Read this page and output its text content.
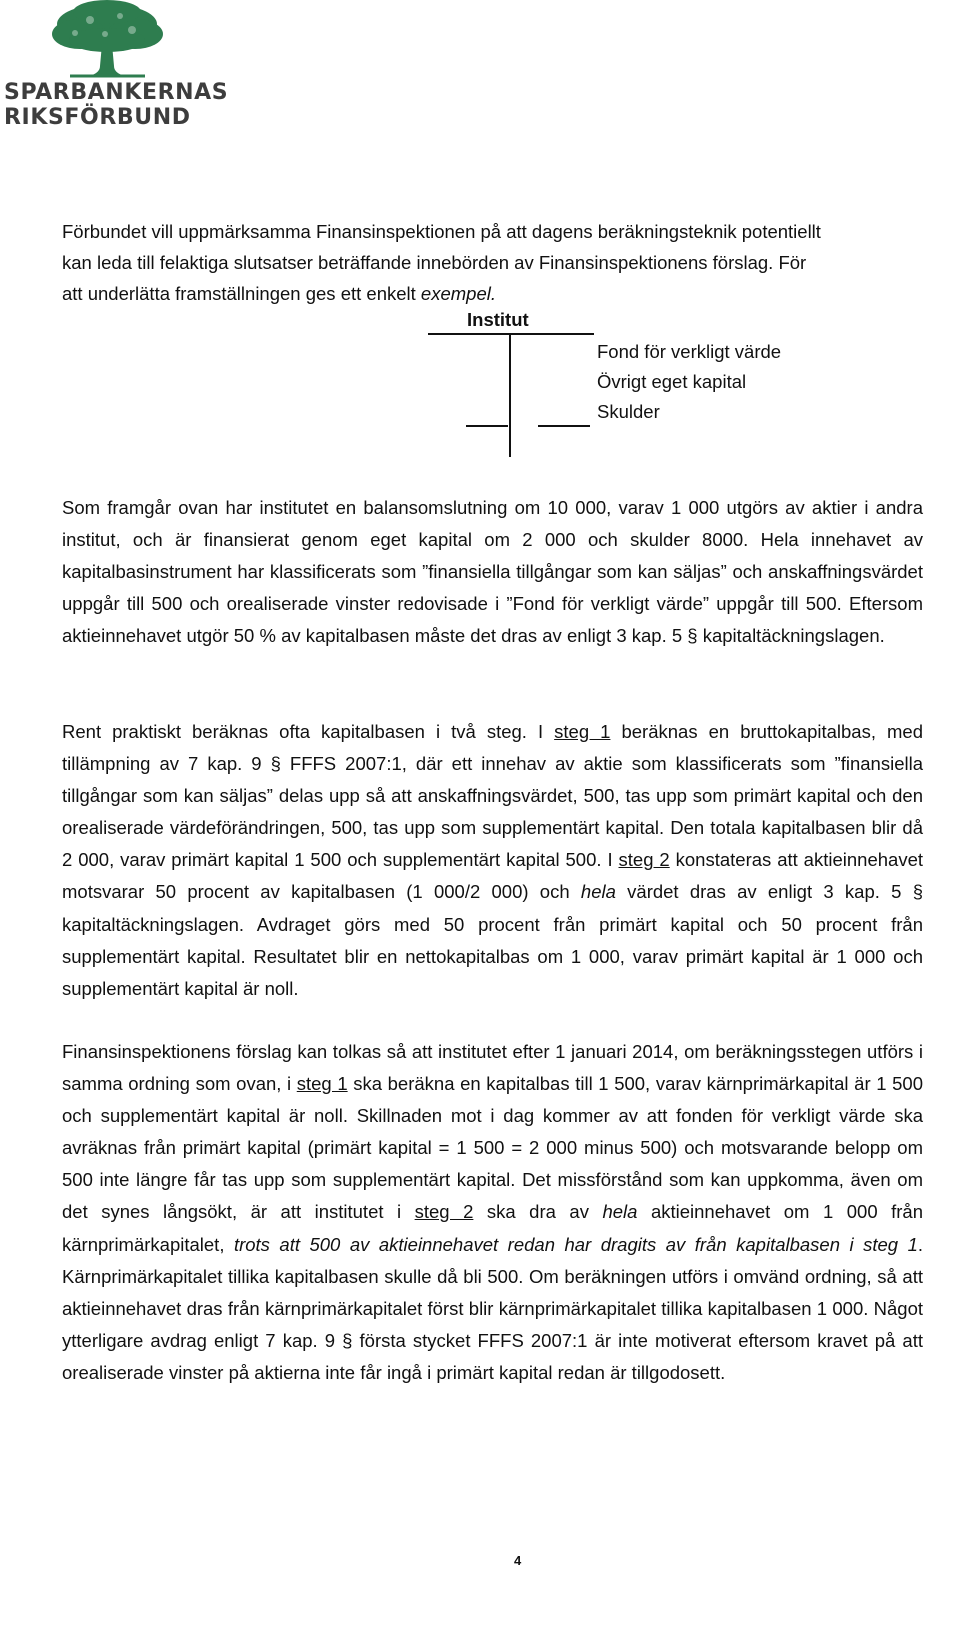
SPARBANKERNAS
RIKSFÖRBUND
Förbundet vill uppmärksamma Finansinspektionen på att dagens beräkningsteknik potentiellt
kan leda till felaktiga slutsatser beträffande innebörden av Finansinspektionens förslag. För
att underlätta framställningen ges ett enkelt exempel.
Institut
Fond för verkligt värde
Övrigt eget kapital
Skulder

Som framgår ovan har institutet en balansomslutning om 10 000, varav 1 000 utgörs av aktier i andra institut, och är finansierat genom eget kapital om 2 000 och skulder 8000. Hela innehavet av kapitalbasinstrument har klassificerats som ”finansiella tillgångar som kan säljas” och anskaffningsvärdet uppgår till 500 och orealiserade vinster redovisade i ”Fond för verkligt värde” uppgår till 500. Eftersom aktieinnehavet utgör 50 % av kapitalbasen måste det dras av enligt 3 kap. 5 § kapitaltäckningslagen.

Rent praktiskt beräknas ofta kapitalbasen i två steg. I steg 1 beräknas en bruttokapitalbas, med tillämpning av 7 kap. 9 § FFFS 2007:1, där ett innehav av aktie som klassificerats som ”finansiella tillgångar som kan säljas” delas upp så att anskaffningsvärdet, 500, tas upp som primärt kapital och den orealiserade värdeförändringen, 500, tas upp som supplementärt kapital. Den totala kapitalbasen blir då 2 000, varav primärt kapital 1 500 och supplementärt kapital 500. I steg 2 konstateras att aktieinnehavet motsvarar 50 procent av kapitalbasen (1 000/2 000) och hela värdet dras av enligt 3 kap. 5 § kapitaltäckningslagen. Avdraget görs med 50 procent från primärt kapital och 50 procent från supplementärt kapital. Resultatet blir en nettokapitalbas om 1 000, varav primärt kapital är 1 000 och supplementärt kapital är noll.

Finansinspektionens förslag kan tolkas så att institutet efter 1 januari 2014, om beräkningsstegen utförs i samma ordning som ovan, i steg 1 ska beräkna en kapitalbas till 1 500, varav kärnprimärkapital är 1 500 och supplementärt kapital är noll. Skillnaden mot i dag kommer av att fonden för verkligt värde ska avräknas från primärt kapital (primärt kapital = 1 500 = 2 000 minus 500) och motsvarande belopp om 500 inte längre får tas upp som supplementärt kapital. Det missförstånd som kan uppkomma, även om det synes långsökt, är att institutet i steg 2 ska dra av hela aktieinnehavet om 1 000 från kärnprimärkapitalet, trots att 500 av aktieinnehavet redan har dragits av från kapitalbasen i steg 1. Kärnprimärkapitalet tillika kapitalbasen skulle då bli 500. Om beräkningen utförs i omvänd ordning, så att aktieinnehavet dras från kärnprimärkapitalet först blir kärnprimärkapitalet tillika kapitalbasen 1 000. Något ytterligare avdrag enligt 7 kap. 9 § första stycket FFFS 2007:1 är inte motiverat eftersom kravet på att orealiserade vinster på aktierna inte får ingå i primärt kapital redan är tillgodosett.

4
